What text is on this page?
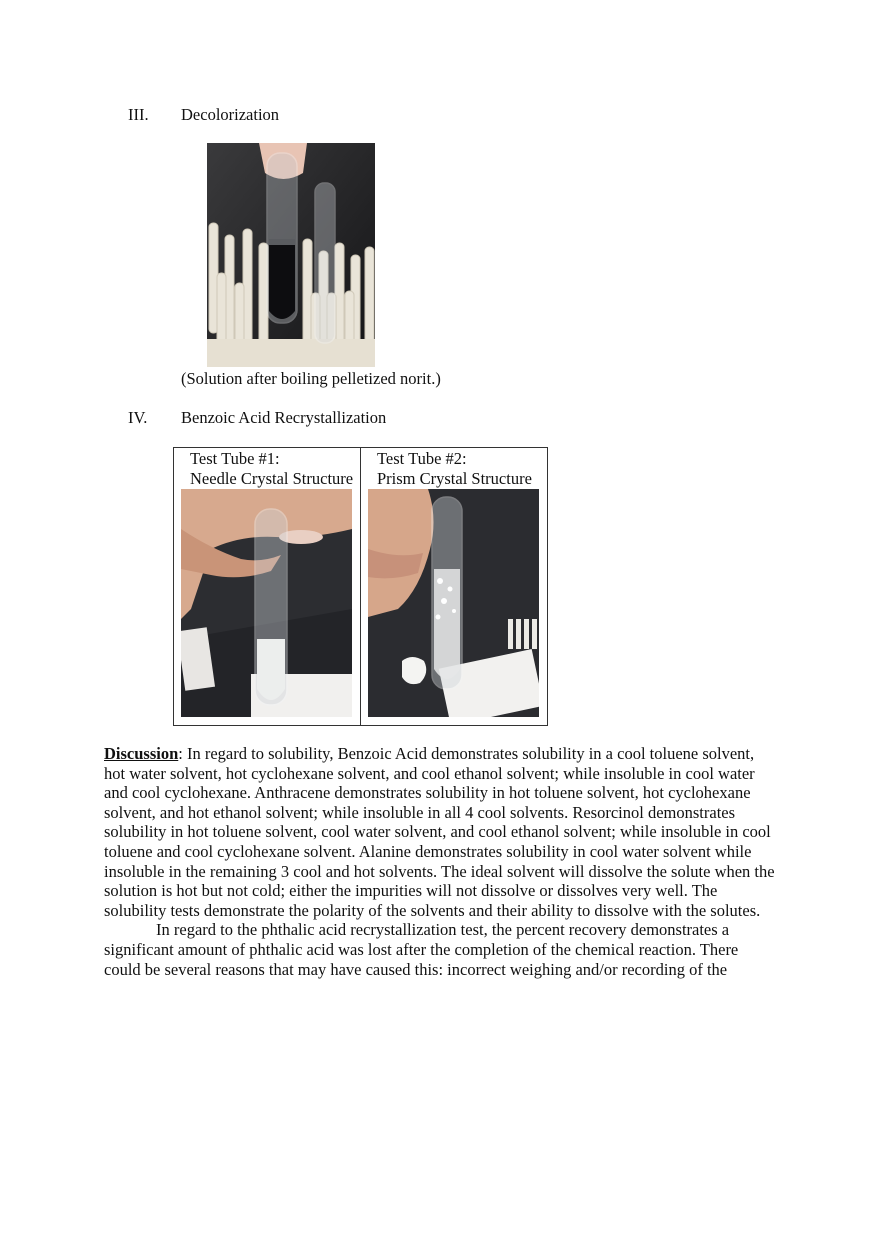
III. Decolorization
(Solution after boiling pelletized norit.)
IV. Benzoic Acid Recrystallization
Test Tube #1:
Needle Crystal Structure

Test Tube #2:
Prism Crystal Structure

Discussion: In regard to solubility, Benzoic Acid demonstrates solubility in a cool toluene solvent, hot water solvent, hot cyclohexane solvent, and cool ethanol solvent; while insoluble in cool water and cool cyclohexane. Anthracene demonstrates solubility in hot toluene solvent, hot cyclohexane solvent, and hot ethanol solvent; while insoluble in all 4 cool solvents. Resorcinol demonstrates solubility in hot toluene solvent, cool water solvent, and cool ethanol solvent; while insoluble in cool toluene and cool cyclohexane solvent. Alanine demonstrates solubility in cool water solvent while insoluble in the remaining 3 cool and hot solvents. The ideal solvent will dissolve the solute when the solution is hot but not cold; either the impurities will not dissolve or dissolves very well. The solubility tests demonstrate the polarity of the solvents and their ability to dissolve with the solutes.

In regard to the phthalic acid recrystallization test, the percent recovery demonstrates a significant amount of phthalic acid was lost after the completion of the chemical reaction. There could be several reasons that may have caused this: incorrect weighing and/or recording of the
